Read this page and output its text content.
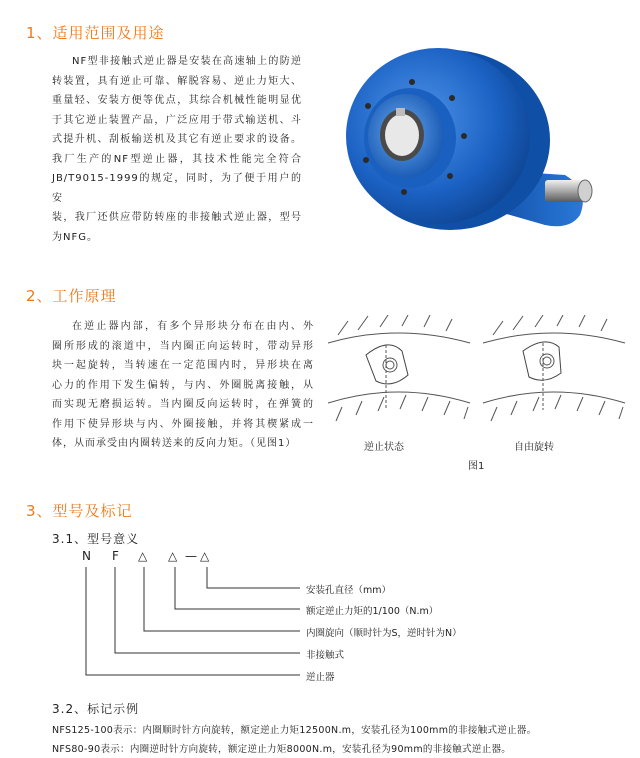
1、适用范围及用途
NF型非接触式逆止器是安装在高速轴上的防逆
转装置，具有逆止可靠、解脱容易、逆止力矩大、
重量轻、安装方便等优点，其综合机械性能明显优
于其它逆止装置产品，广泛应用于带式输送机、斗
式提升机、刮板输送机及其它有逆止要求的设备。
我厂生产的NF型逆止器，其技术性能完全符合
JB/T9015-1999的规定，同时，为了便于用户的安
装，我厂还供应带防转座的非接触式逆止器，型号
为NFG。
2、工作原理
在逆止器内部，有多个异形块分布在由内、外
圈所形成的滚道中，当内圈正向运转时，带动异形
块一起旋转，当转速在一定范围内时，异形块在离
心力的作用下发生偏转，与内、外圈脱离接触，从
而实现无磨损运转。当内圈反向运转时，在弹簧的
作用下使异形块与内、外圈接触，并将其楔紧成一
体，从而承受由内圈转送来的反向力矩。（见图1）	逆止状态	自由旋转
图1
3、型号及标记
3.1、型号意义
N F △ △ — △
安装孔直径（mm）
额定逆止力矩的1/100（N.m）
内圈旋向（顺时针为S，逆时针为N）
非接触式
逆止器
3.2、标记示例
NFS125-100表示：内圈顺时针方向旋转，额定逆止力矩12500N.m，安装孔径为100mm的非接触式逆止器。
NFS80-90表示：内圈逆时针方向旋转，额定逆止力矩8000N.m，安装孔径为90mm的非接触式逆止器。
